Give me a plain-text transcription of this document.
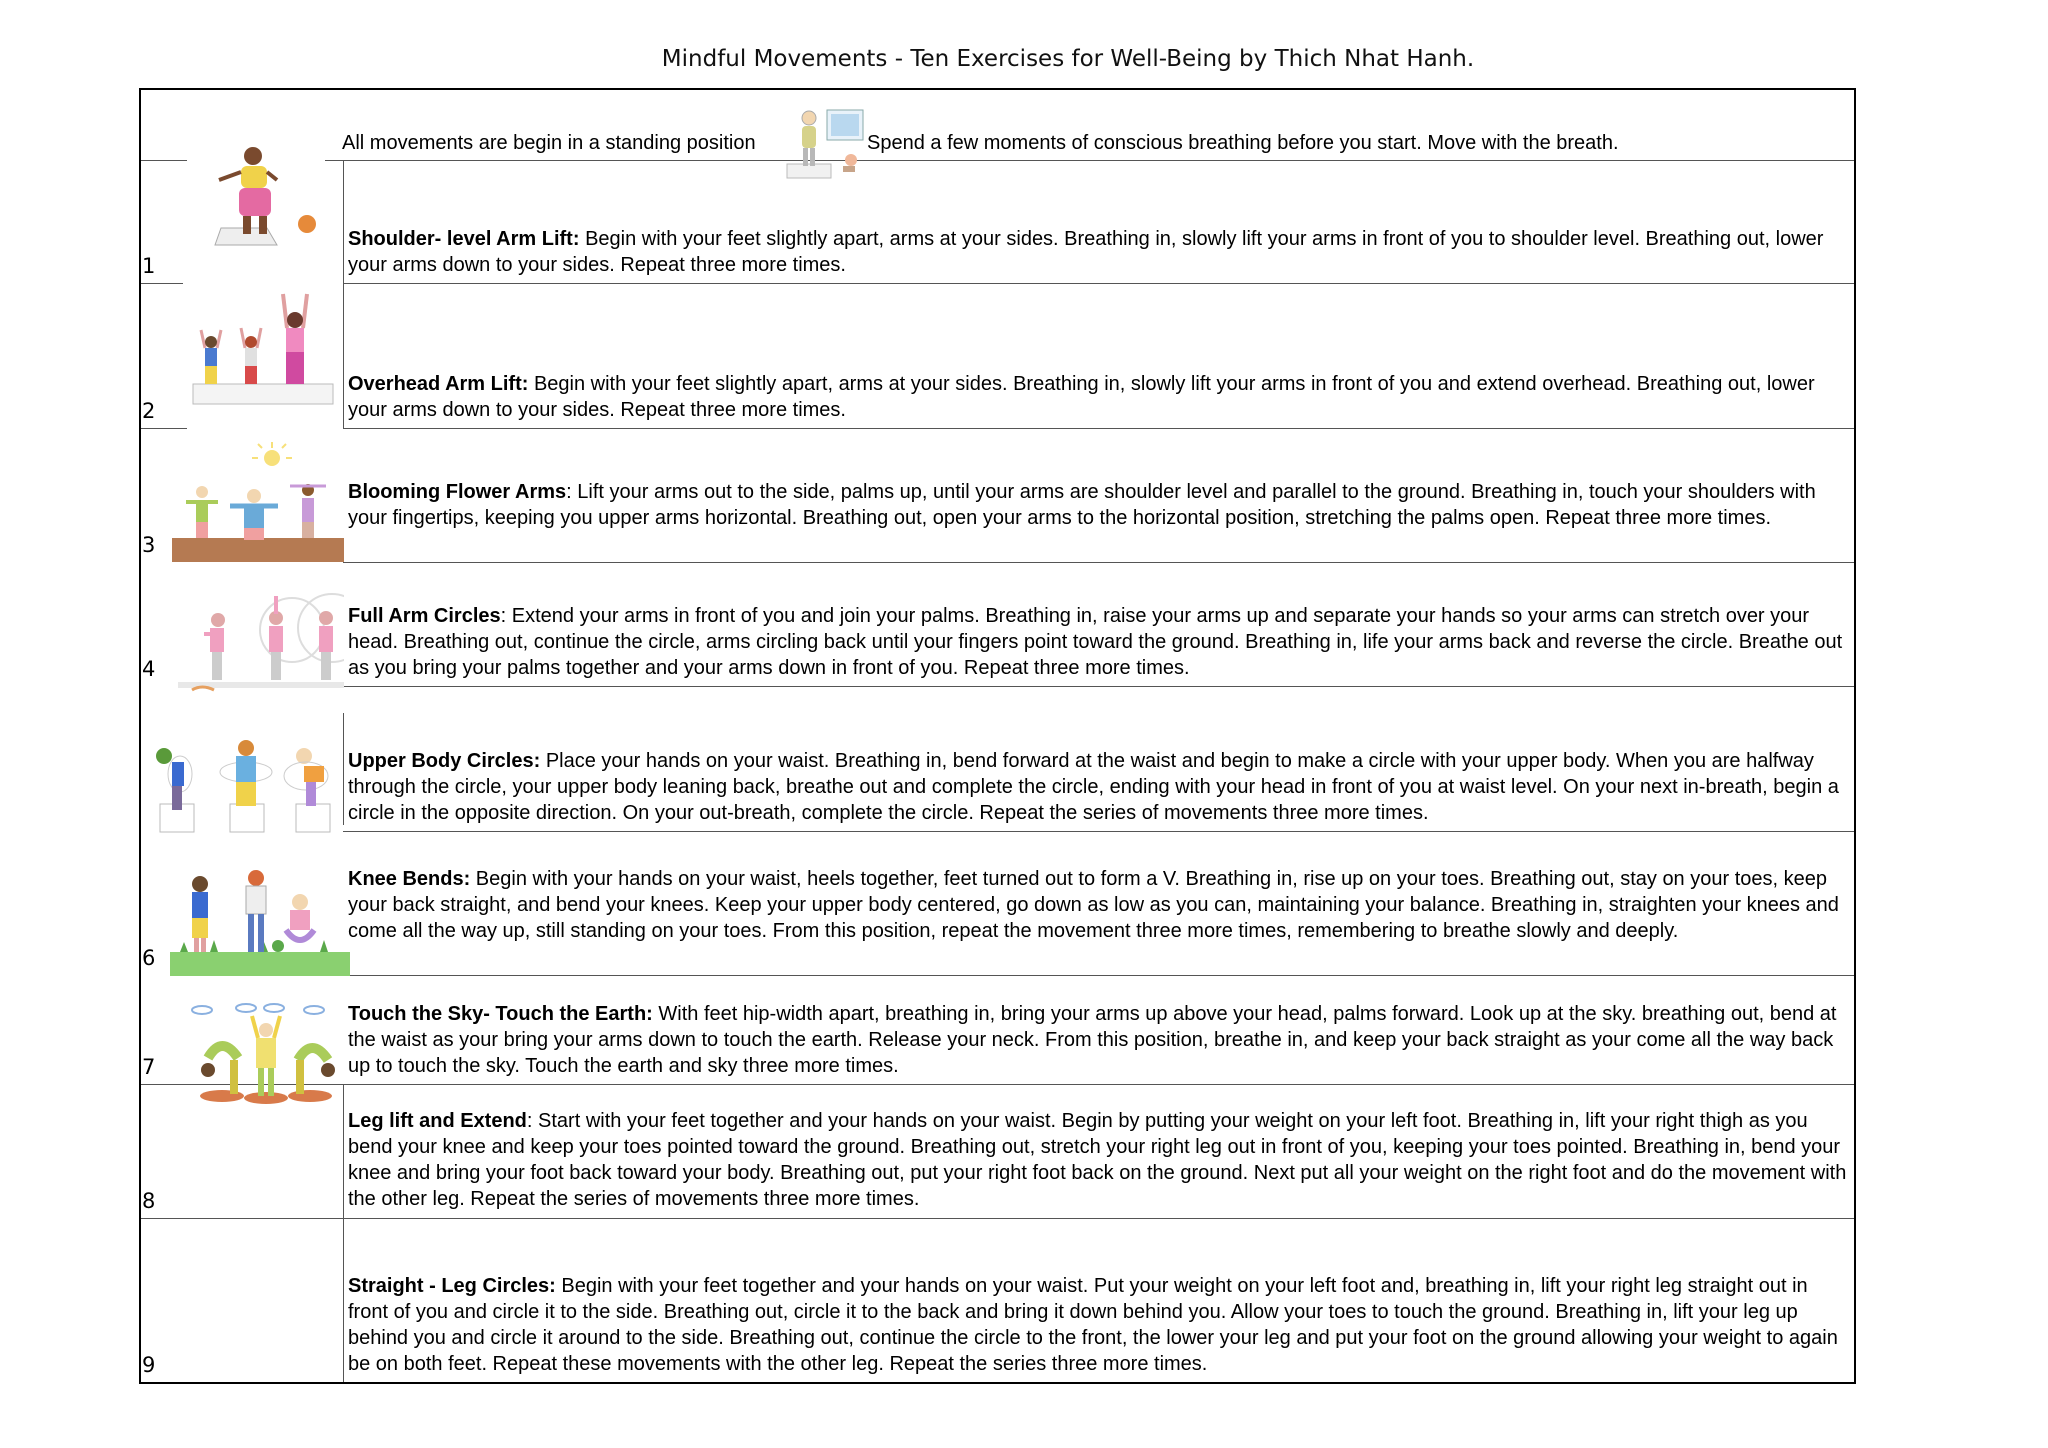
Mindful Movements - Ten Exercises for Well-Being by Thich Nhat Hanh.
All movements are begin in a standing position	Spend a few moments of conscious breathing before you start. Move with the breath.
1
2
3
4
6
7
8
9
Shoulder- level Arm Lift: Begin with your feet slightly apart, arms at your sides. Breathing in, slowly lift your arms in front of you to shoulder level. Breathing out, lower your arms down to your sides. Repeat three more times.
Overhead Arm Lift: Begin with your feet slightly apart, arms at your sides. Breathing in, slowly lift your arms in front of you and extend overhead. Breathing out, lower your arms down to your sides. Repeat three more times.
Blooming Flower Arms: Lift your arms out to the side, palms up, until your arms are shoulder level and parallel to the ground. Breathing in, touch your shoulders with your fingertips, keeping you upper arms horizontal. Breathing out, open your arms to the horizontal position, stretching the palms open. Repeat three more times.
Full Arm Circles: Extend your arms in front of you and join your palms. Breathing in, raise your arms up and separate your hands so your arms can stretch over your head. Breathing out, continue the circle, arms circling back until your fingers point toward the ground. Breathing in, life your arms back and reverse the circle. Breathe out as you bring your palms together and your arms down in front of you. Repeat three more times.
Upper Body Circles: Place your hands on your waist. Breathing in, bend forward at the waist and begin to make a circle with your upper body. When you are halfway through the circle, your upper body leaning back, breathe out and complete the circle, ending with your head in front of you at waist level. On your next in-breath, begin a circle in the opposite direction. On your out-breath, complete the circle. Repeat the series of movements three more times.
Knee Bends: Begin with your hands on your waist, heels together, feet turned out to form a V. Breathing in, rise up on your toes. Breathing out, stay on your toes, keep your back straight, and bend your knees. Keep your upper body centered, go down as low as you can, maintaining your balance. Breathing in, straighten your knees and come all the way up, still standing on your toes. From this position, repeat the movement three more times, remembering to breathe slowly and deeply.
Touch the Sky- Touch the Earth: With feet hip-width apart, breathing in, bring your arms up above your head, palms forward. Look up at the sky. breathing out, bend at the waist as your bring your arms down to touch the earth. Release your neck. From this position, breathe in, and keep your back straight as your come all the way back up to touch the sky. Touch the earth and sky three more times.
Leg lift and Extend: Start with your feet together and your hands on your waist. Begin by putting your weight on your left foot. Breathing in, lift your right thigh as you bend your knee and keep your toes pointed toward the ground. Breathing out, stretch your right leg out in front of you, keeping your toes pointed. Breathing in, bend your knee and bring your foot back toward your body. Breathing out, put your right foot back on the ground. Next put all your weight on the right foot and do the movement with the other leg. Repeat the series of movements three more times.
Straight - Leg Circles: Begin with your feet together and your hands on your waist. Put your weight on your left foot and, breathing in, lift your right leg straight out in front of you and circle it to the side. Breathing out, circle it to the back and bring it down behind you. Allow your toes to touch the ground. Breathing in, lift your leg up behind you and circle it around to the side. Breathing out, continue the circle to the front, the lower your leg and put your foot on the ground allowing your weight to again be on both feet. Repeat these movements with the other leg. Repeat the series three more times.
